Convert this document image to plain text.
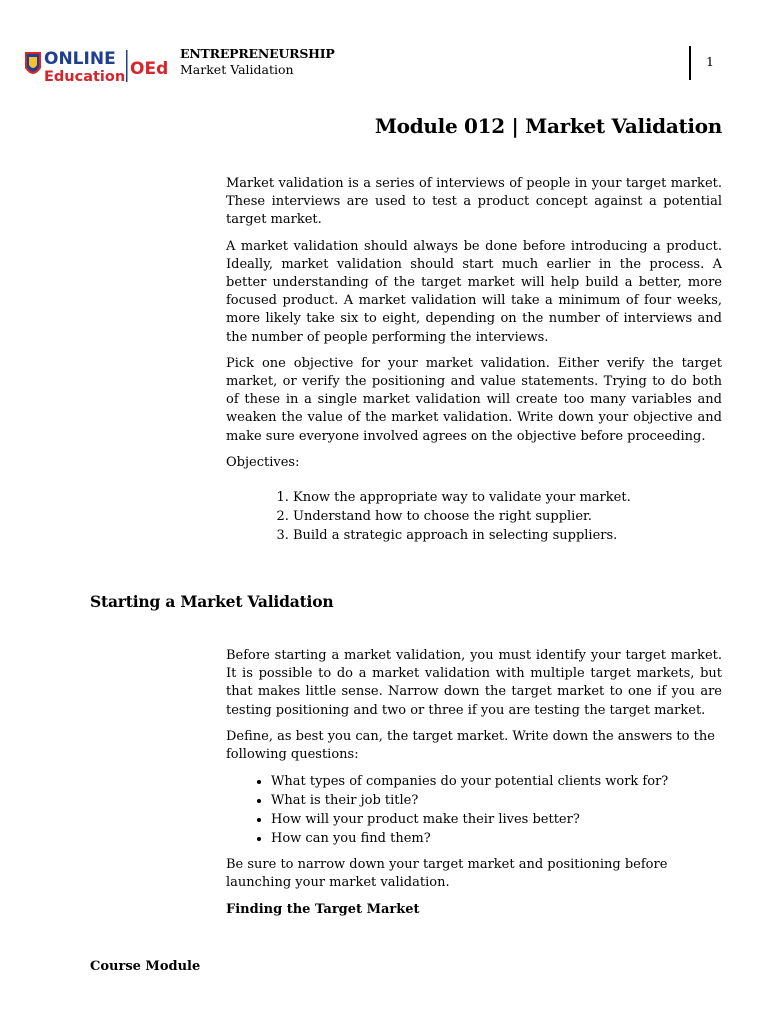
ONLINE
Education OEd
ENTREPRENEURSHIP
Market Validation
1
Module 012 | Market Validation

Market validation is a series of interviews of people in your target market. These interviews are used to test a product concept against a potential target market.

A market validation should always be done before introducing a product. Ideally, market validation should start much earlier in the process. A better understanding of the target market will help build a better, more focused product. A market validation will take a minimum of four weeks, more likely take six to eight, depending on the number of interviews and the number of people performing the interviews.

Pick one objective for your market validation. Either verify the target market, or verify the positioning and value statements. Trying to do both of these in a single market validation will create too many variables and weaken the value of the market validation. Write down your objective and make sure everyone involved agrees on the objective before proceeding.

Objectives:

1. Know the appropriate way to validate your market.
2. Understand how to choose the right supplier.
3. Build a strategic approach in selecting suppliers.
Starting a Market Validation

Before starting a market validation, you must identify your target market. It is possible to do a market validation with multiple target markets, but that makes little sense. Narrow down the target market to one if you are testing positioning and two or three if you are testing the target market.

Define, as best you can, the target market. Write down the answers to the following questions:

• What types of companies do your potential clients work for?
• What is their job title?
• How will your product make their lives better?
• How can you find them?

Be sure to narrow down your target market and positioning before launching your market validation.

Finding the Target Market

Course Module
